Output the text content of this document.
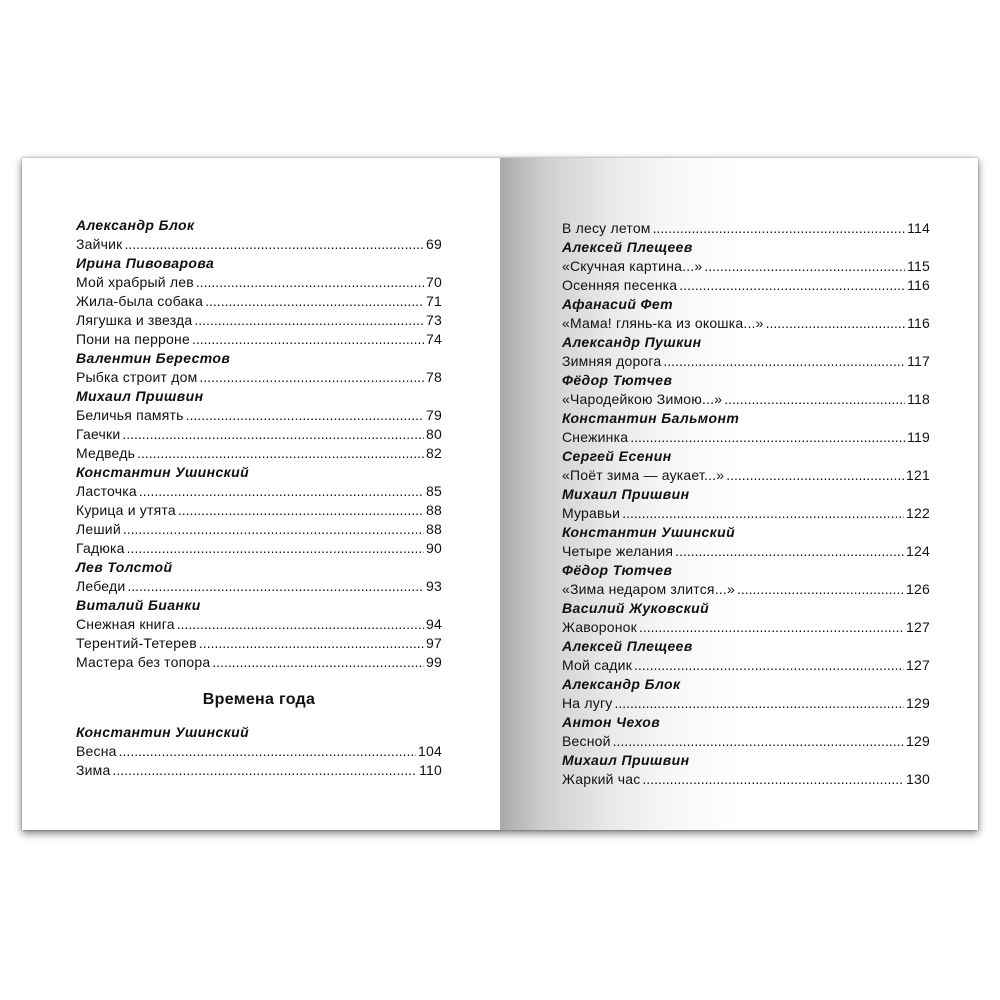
Александр Блок
Зайчик .....	69
Ирина Пивоварова
Мой храбрый лев .....	70
Жила-была собака .....	71
Лягушка и звезда .....	73
Пони на перроне .....	74
Валентин Берестов
Рыбка строит дом .....	78
Михаил Пришвин
Беличья память .....	79
Гаечки .....	80
Медведь .....	82
Константин Ушинский
Ласточка .....	85
Курица и утята .....	88
Леший .....	88
Гадюка .....	90
Лев Толстой
Лебеди .....	93
Виталий Бианки
Снежная книга .....	94
Терентий-Тетерев .....	97
Мастера без топора .....	99
Времена года
Константин Ушинский
Весна .....	104
Зима .....	110
В лесу летом .....	114
Алексей Плещеев
«Скучная картина...» .....	115
Осенняя песенка .....	116
Афанасий Фет
«Мама! глянь-ка из окошка...» .....	116
Александр Пушкин
Зимняя дорога .....	117
Фёдор Тютчев
«Чародейкою Зимою...» .....	118
Константин Бальмонт
Снежинка .....	119
Сергей Есенин
«Поёт зима — аукает...» .....	121
Михаил Пришвин
Муравьи .....	122
Константин Ушинский
Четыре желания .....	124
Фёдор Тютчев
«Зима недаром злится...» .....	126
Василий Жуковский
Жаворонок .....	127
Алексей Плещеев
Мой садик .....	127
Александр Блок
На лугу .....	129
Антон Чехов
Весной .....	129
Михаил Пришвин
Жаркий час .....	130
